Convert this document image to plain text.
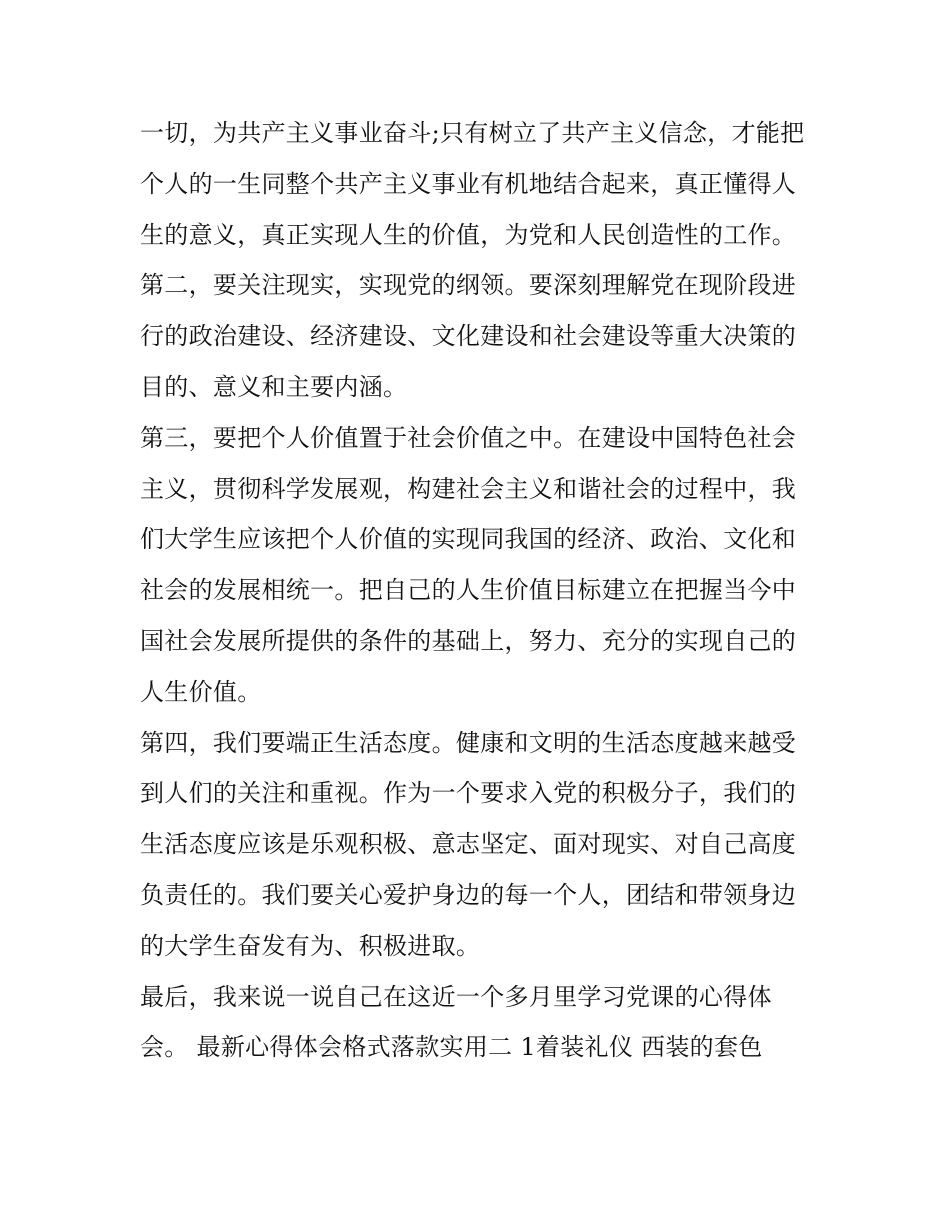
一切，为共产主义事业奋斗;只有树立了共产主义信念，才能把个人的一生同整个共产主义事业有机地结合起来，真正懂得人生的意义，真正实现人生的价值，为党和人民创造性的工作。

第二，要关注现实，实现党的纲领。要深刻理解党在现阶段进行的政治建设、经济建设、文化建设和社会建设等重大决策的目的、意义和主要内涵。

第三，要把个人价值置于社会价值之中。在建设中国特色社会主义，贯彻科学发展观，构建社会主义和谐社会的过程中，我们大学生应该把个人价值的实现同我国的经济、政治、文化和社会的发展相统一。把自己的人生价值目标建立在把握当今中国社会发展所提供的条件的基础上，努力、充分的实现自己的人生价值。

第四，我们要端正生活态度。健康和文明的生活态度越来越受到人们的关注和重视。作为一个要求入党的积极分子，我们的生活态度应该是乐观积极、意志坚定、面对现实、对自己高度负责任的。我们要关心爱护身边的每一个人，团结和带领身边的大学生奋发有为、积极进取。

最后，我来说一说自己在这近一个多月里学习党课的心得体会。 最新心得体会格式落款实用二 1着装礼仪 西装的套色
